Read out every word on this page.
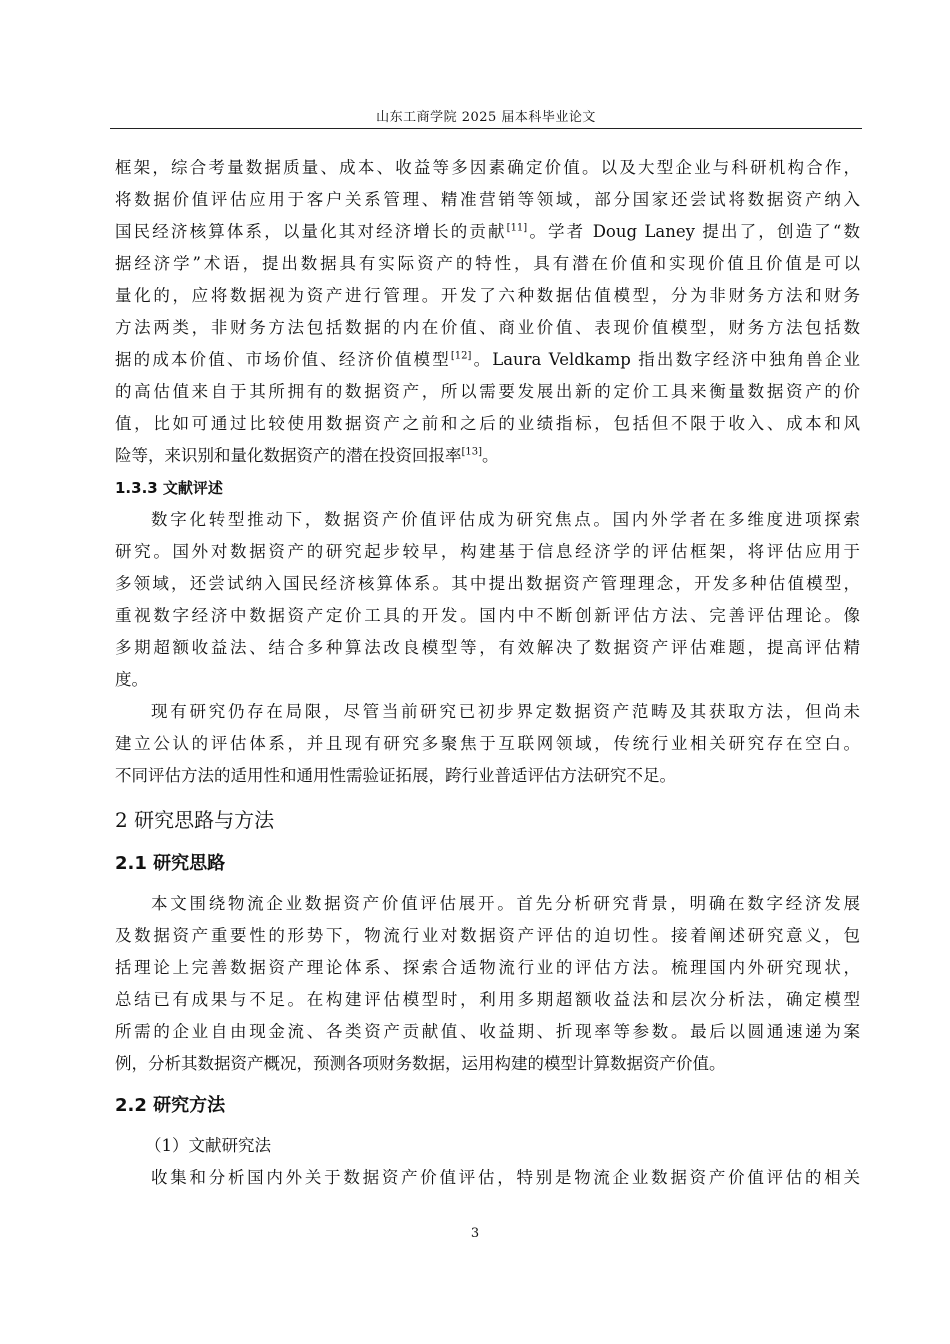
山东工商学院 2025 届本科毕业论文
框架，综合考量数据质量、成本、收益等多因素确定价值。以及大型企业与科研机构合作，
将数据价值评估应用于客户关系管理、精准营销等领域，部分国家还尝试将数据资产纳入
国民经济核算体系，以量化其对经济增长的贡献[11]。学者 Doug Laney 提出了，创造了“数
据经济学”术语，提出数据具有实际资产的特性，具有潜在价值和实现价值且价值是可以
量化的，应将数据视为资产进行管理。开发了六种数据估值模型，分为非财务方法和财务
方法两类，非财务方法包括数据的内在价值、商业价值、表现价值模型，财务方法包括数
据的成本价值、市场价值、经济价值模型[12]。Laura Veldkamp 指出数字经济中独角兽企业
的高估值来自于其所拥有的数据资产，所以需要发展出新的定价工具来衡量数据资产的价
值，比如可通过比较使用数据资产之前和之后的业绩指标，包括但不限于收入、成本和风
险等，来识别和量化数据资产的潜在投资回报率[13]。
1.3.3 文献评述
数字化转型推动下，数据资产价值评估成为研究焦点。国内外学者在多维度进项探索
研究。国外对数据资产的研究起步较早，构建基于信息经济学的评估框架，将评估应用于
多领域，还尝试纳入国民经济核算体系。其中提出数据资产管理理念，开发多种估值模型，
重视数字经济中数据资产定价工具的开发。国内中不断创新评估方法、完善评估理论。像
多期超额收益法、结合多种算法改良模型等，有效解决了数据资产评估难题，提高评估精
度。
现有研究仍存在局限，尽管当前研究已初步界定数据资产范畴及其获取方法，但尚未
建立公认的评估体系，并且现有研究多聚焦于互联网领域，传统行业相关研究存在空白。
不同评估方法的适用性和通用性需验证拓展，跨行业普适评估方法研究不足。
2 研究思路与方法
2.1 研究思路
本文围绕物流企业数据资产价值评估展开。首先分析研究背景，明确在数字经济发展
及数据资产重要性的形势下，物流行业对数据资产评估的迫切性。接着阐述研究意义，包
括理论上完善数据资产理论体系、探索合适物流行业的评估方法。梳理国内外研究现状，
总结已有成果与不足。在构建评估模型时，利用多期超额收益法和层次分析法，确定模型
所需的企业自由现金流、各类资产贡献值、收益期、折现率等参数。最后以圆通速递为案
例，分析其数据资产概况，预测各项财务数据，运用构建的模型计算数据资产价值。
2.2 研究方法
（1）文献研究法
收集和分析国内外关于数据资产价值评估，特别是物流企业数据资产价值评估的相关
3
